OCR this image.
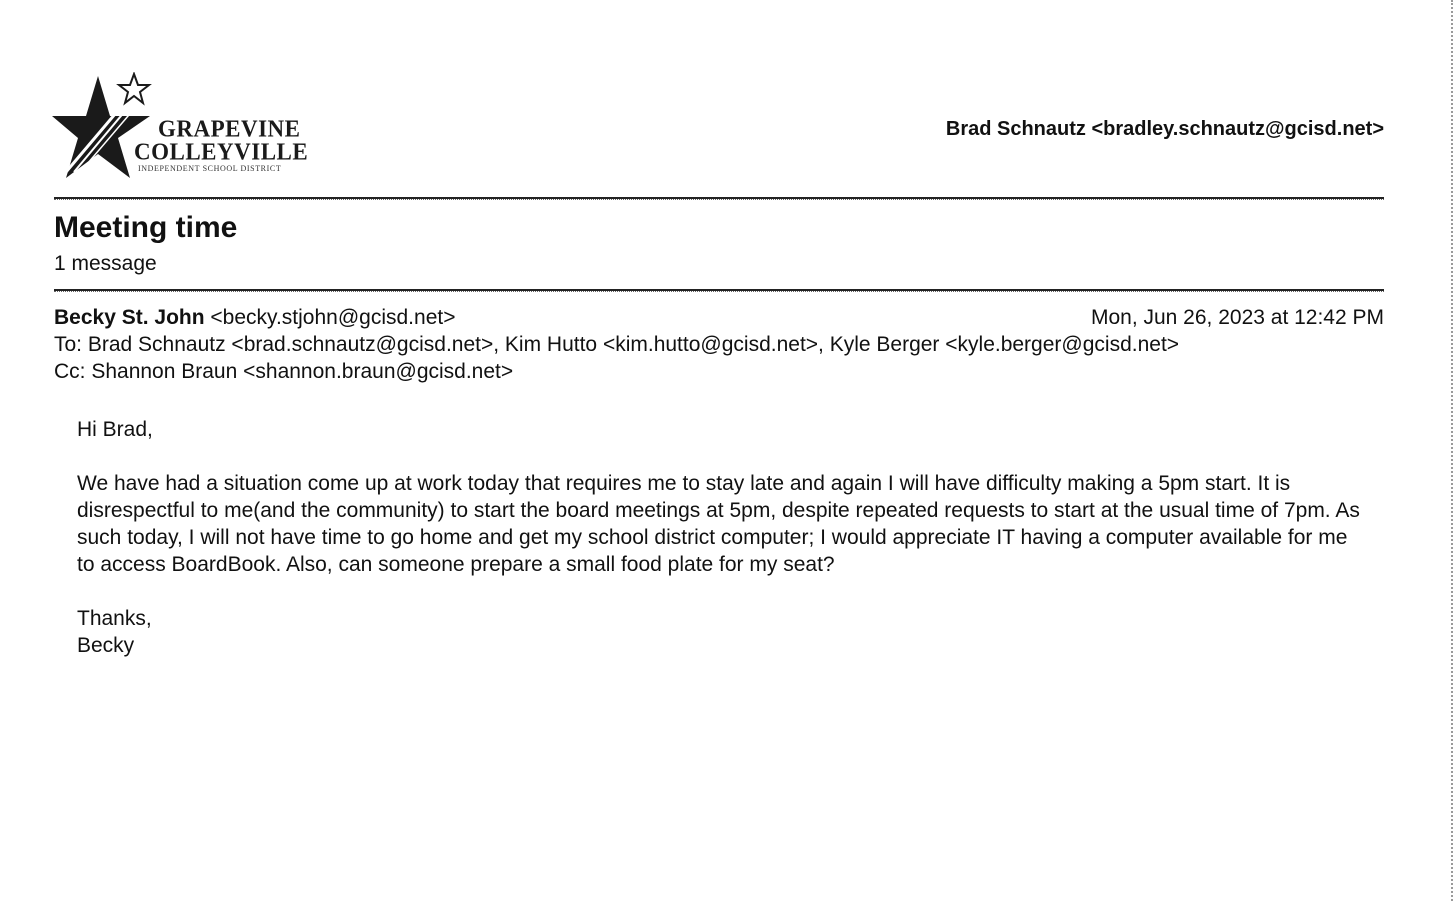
GRAPEVINE
COLLEYVILLE
INDEPENDENT SCHOOL DISTRICT
Brad Schnautz <bradley.schnautz@gcisd.net>
Meeting time
1 message
Becky St. John <becky.stjohn@gcisd.net>	Mon, Jun 26, 2023 at 12:42 PM
To: Brad Schnautz <brad.schnautz@gcisd.net>, Kim Hutto <kim.hutto@gcisd.net>, Kyle Berger <kyle.berger@gcisd.net>
Cc: Shannon Braun <shannon.braun@gcisd.net>

Hi Brad,

We have had a situation come up at work today that requires me to stay late and again I will have difficulty making a 5pm start. It is disrespectful to me(and the community) to start the board meetings at 5pm, despite repeated requests to start at the usual time of 7pm. As such today, I will not have time to go home and get my school district computer; I would appreciate IT having a computer available for me to access BoardBook. Also, can someone prepare a small food plate for my seat?

Thanks,

Becky
